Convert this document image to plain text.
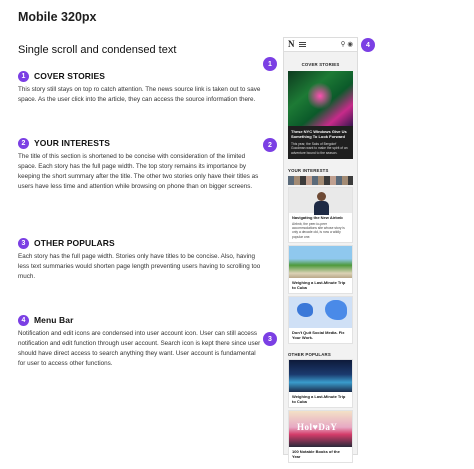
Mobile 320px
Single scroll and condensed text
1	COVER STORIES
This story still stays on top ro catch attention. The news source link is taken out to save space. As the user click into the article, they can access the source information there.
2	YOUR INTERESTS
The title of this section is shortened to be concise with consideration of the limited space. Each story has the full page width. The top story remains its importance by keeping the short summary after the title. The other two stories only have their titles as users have less time and attention while browsing on phone than on bigger screens.
3	OTHER POPULARS
Each story has the full page width. Stories only have titles to be concise. Also, having less text summaries would shorten page length preventing users having to scrolling too much.
4	Menu Bar
Notification and edit icons are condensed into user account icon. User can still access notification and edit function through user account. Search icon is kept there since user should have direct access to search anything they want. User account is fundamental for user to access other functions.
N	⚲ ◉
COVER STORIES
These NYC Windows Give Us Something To Look Forward
This year, the Saks of Bergdorf Goodman want to make the spirit of an adventure bound to the season.
YOUR INTERESTS
Navigating the New Airbnb
Airbnb, the peer-to-peer accommodations site whose story is only a decade old, is now a wildly popular one.
Weighing a Last-Minute Trip to Cuba
Don't Quit Social Media. Fix Your Work.
OTHER POPULARS
Weighing a Last-Minute Trip to Cuba
Hol♥DaY
100 Notable Books of the Year
1
2
3
4
